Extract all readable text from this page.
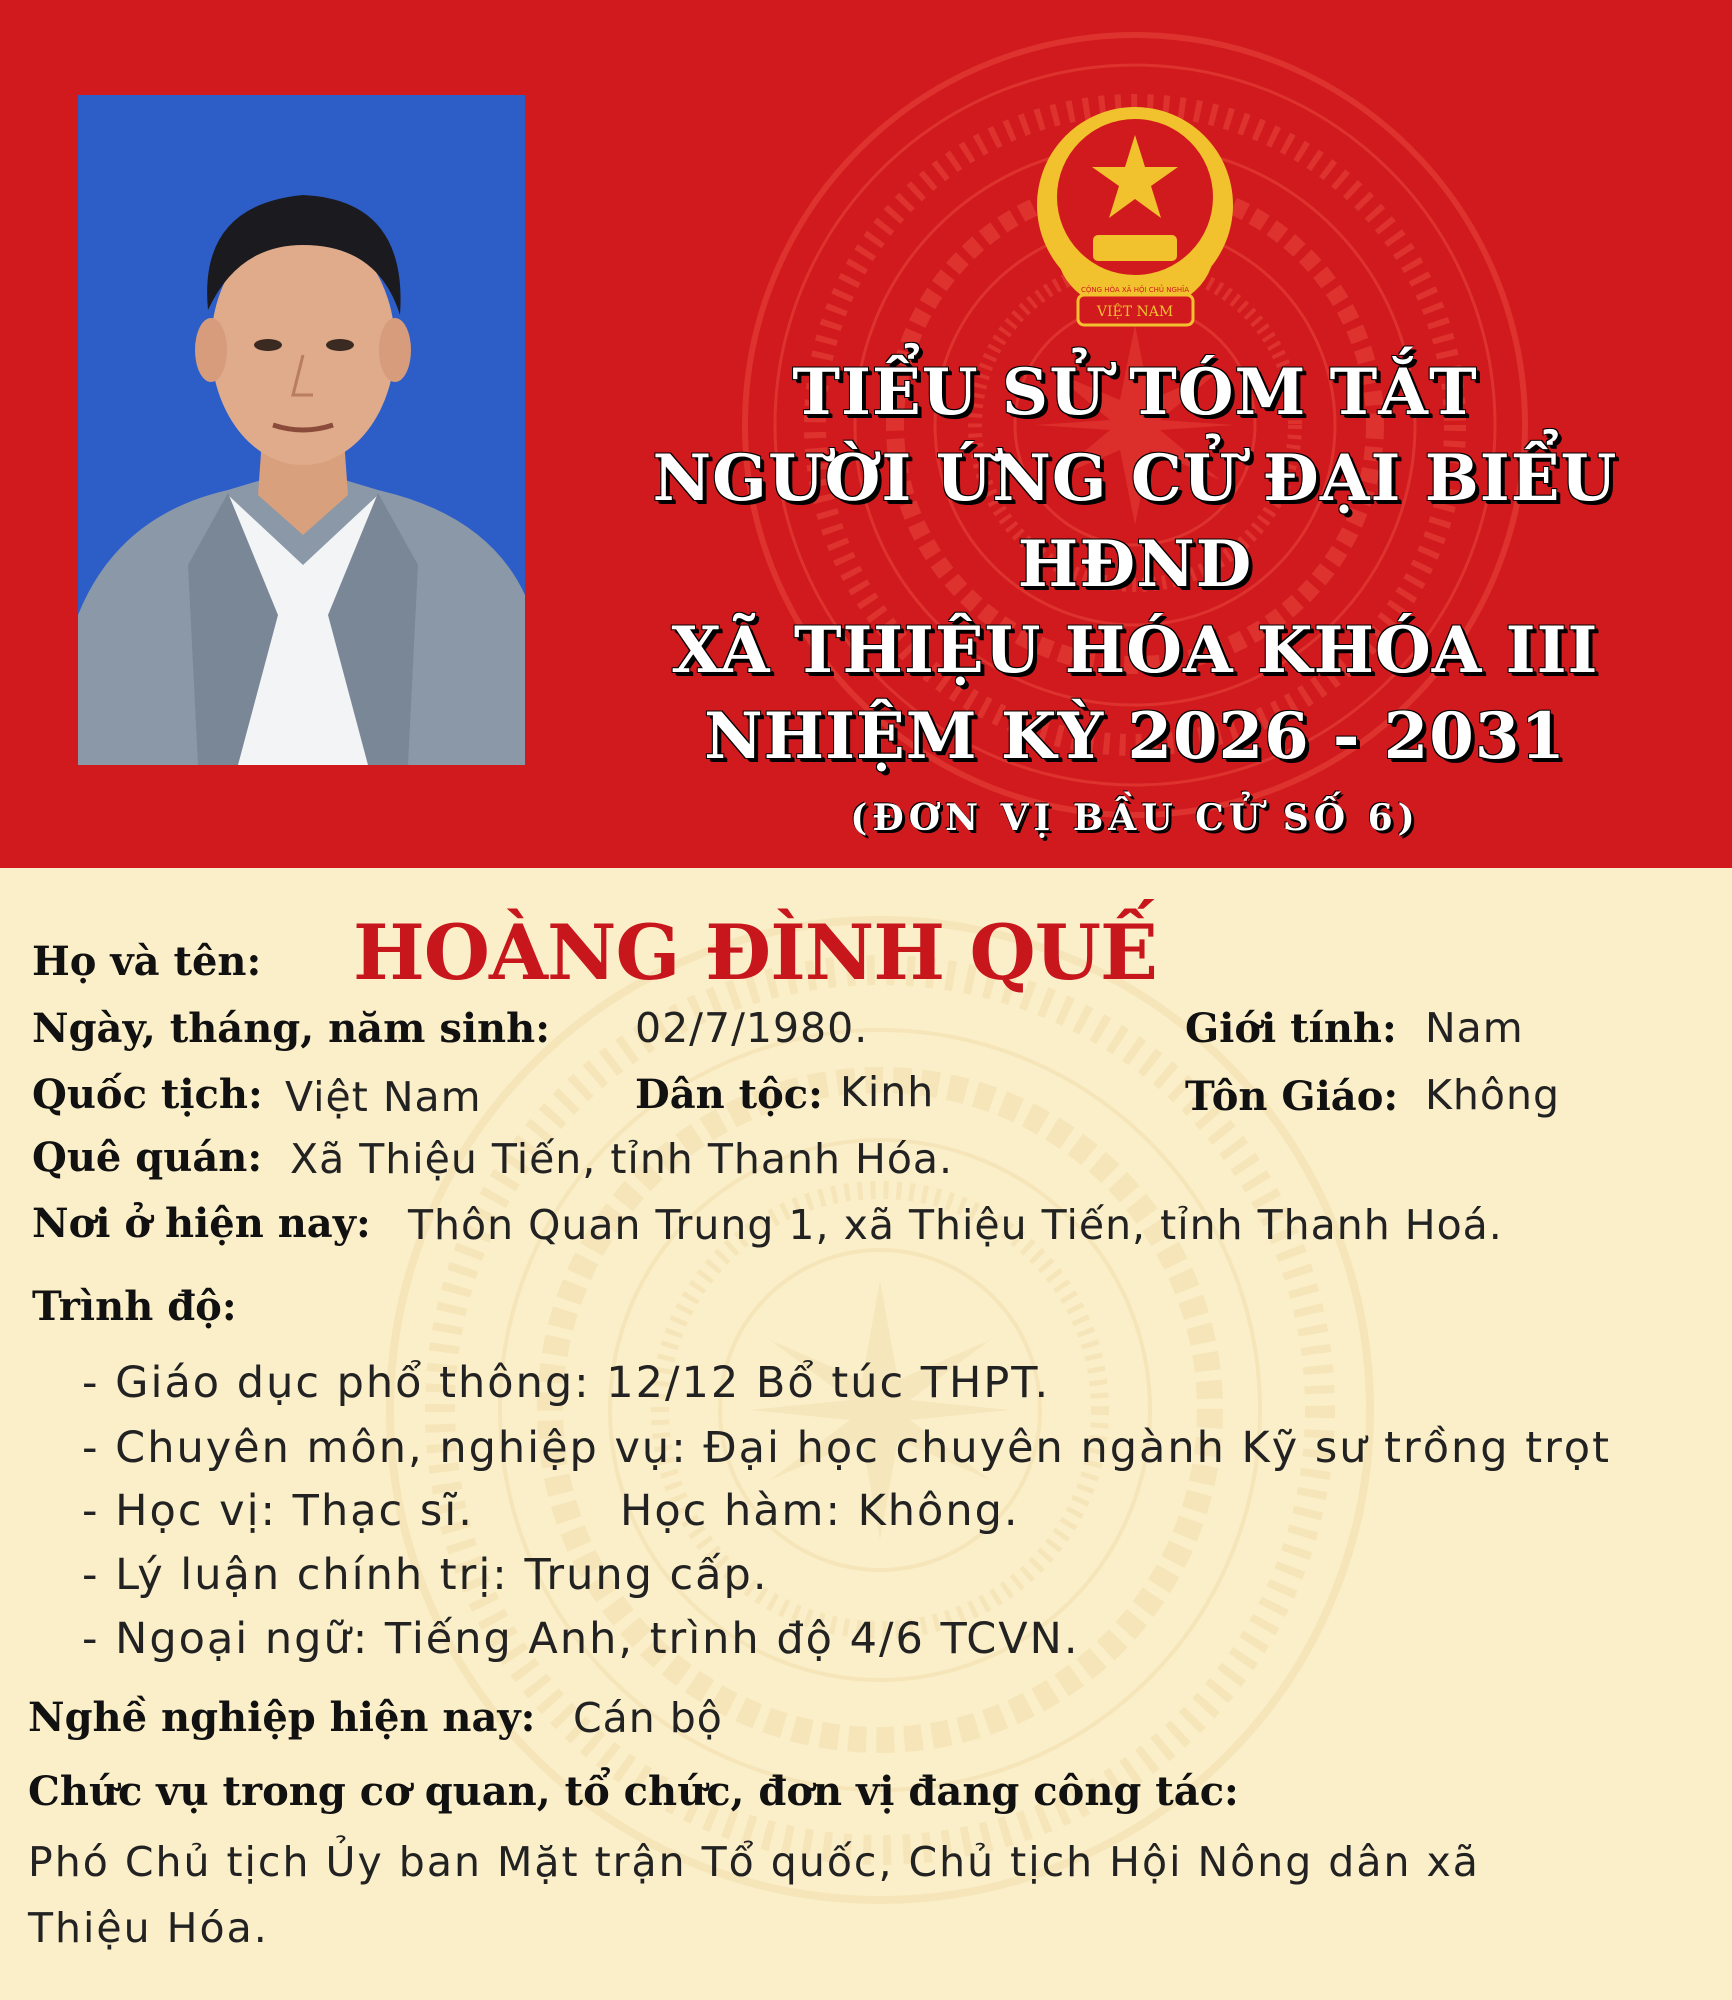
CỘNG HÒA XÃ HỘI CHỦ NGHĨA
VIỆT NAM
TIỂU SỬ TÓM TẮT
NGƯỜI ỨNG CỬ ĐẠI BIỂU HĐND
XÃ THIỆU HÓA KHÓA III
NHIỆM KỲ 2026 - 2031
(ĐƠN VỊ BẦU CỬ SỐ 6)
Họ và tên: HOÀNG ĐÌNH QUẾ
Ngày, tháng, năm sinh: 02/7/1980.	Giới tính: Nam
Quốc tịch: Việt Nam	Dân tộc: Kinh	Tôn Giáo: Không
Quê quán: Xã Thiệu Tiến, tỉnh Thanh Hóa.
Nơi ở hiện nay: Thôn Quan Trung 1, xã Thiệu Tiến, tỉnh Thanh Hoá.
Trình độ:
- Giáo dục phổ thông: 12/12 Bổ túc THPT.
- Chuyên môn, nghiệp vụ: Đại học chuyên ngành Kỹ sư trồng trọt
- Học vị: Thạc sĩ.	Học hàm: Không.
- Lý luận chính trị: Trung cấp.
- Ngoại ngữ: Tiếng Anh, trình độ 4/6 TCVN.
Nghề nghiệp hiện nay: Cán bộ
Chức vụ trong cơ quan, tổ chức, đơn vị đang công tác:
Phó Chủ tịch Ủy ban Mặt trận Tổ quốc, Chủ tịch Hội Nông dân xã
Thiệu Hóa.
